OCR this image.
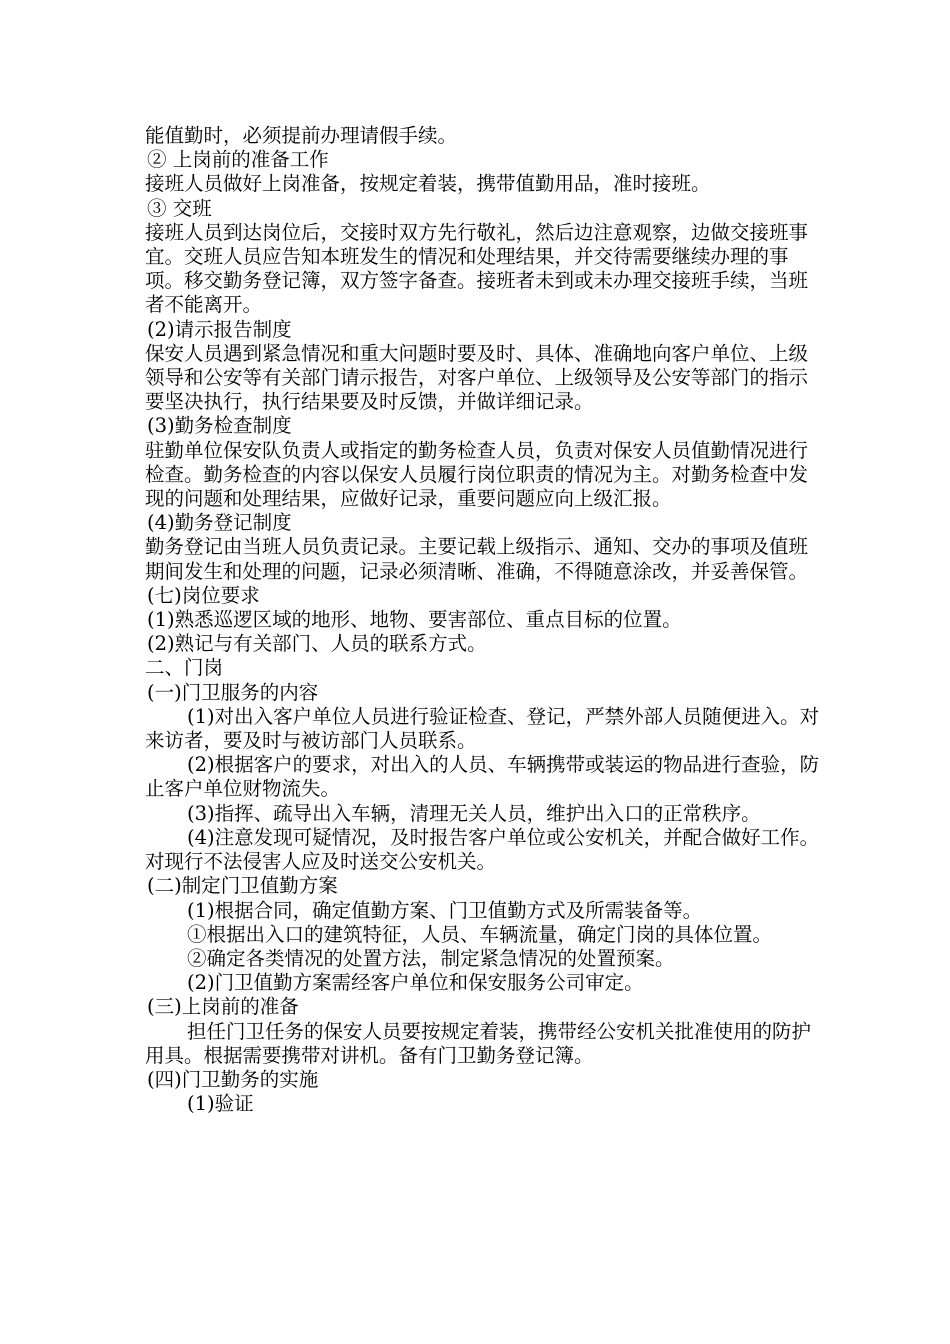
能值勤时，必须提前办理请假手续。

② 上岗前的准备工作

接班人员做好上岗准备，按规定着装，携带值勤用品，准时接班。

③ 交班

接班人员到达岗位后，交接时双方先行敬礼，然后边注意观察，边做交接班事宜。交班人员应告知本班发生的情况和处理结果，并交待需要继续办理的事项。移交勤务登记簿，双方签字备查。接班者未到或未办理交接班手续，当班者不能离开。

(2)请示报告制度

保安人员遇到紧急情况和重大问题时要及时、具体、准确地向客户单位、上级领导和公安等有关部门请示报告，对客户单位、上级领导及公安等部门的指示要坚决执行，执行结果要及时反馈，并做详细记录。

(3)勤务检查制度

驻勤单位保安队负责人或指定的勤务检查人员，负责对保安人员值勤情况进行检查。勤务检查的内容以保安人员履行岗位职责的情况为主。对勤务检查中发现的问题和处理结果，应做好记录，重要问题应向上级汇报。

(4)勤务登记制度

勤务登记由当班人员负责记录。主要记载上级指示、通知、交办的事项及值班期间发生和处理的问题，记录必须清晰、准确，不得随意涂改，并妥善保管。

(七)岗位要求

(1)熟悉巡逻区域的地形、地物、要害部位、重点目标的位置。

(2)熟记与有关部门、人员的联系方式。

二、门岗

(一)门卫服务的内容

(1)对出入客户单位人员进行验证检查、登记，严禁外部人员随便进入。对来访者，要及时与被访部门人员联系。

(2)根据客户的要求，对出入的人员、车辆携带或装运的物品进行查验，防止客户单位财物流失。

(3)指挥、疏导出入车辆，清理无关人员，维护出入口的正常秩序。

(4)注意发现可疑情况，及时报告客户单位或公安机关，并配合做好工作。对现行不法侵害人应及时送交公安机关。

(二)制定门卫值勤方案

(1)根据合同，确定值勤方案、门卫值勤方式及所需装备等。

①根据出入口的建筑特征，人员、车辆流量，确定门岗的具体位置。

②确定各类情况的处置方法，制定紧急情况的处置预案。

(2)门卫值勤方案需经客户单位和保安服务公司审定。

(三)上岗前的准备

担任门卫任务的保安人员要按规定着装，携带经公安机关批准使用的防护用具。根据需要携带对讲机。备有门卫勤务登记簿。

(四)门卫勤务的实施

(1)验证
